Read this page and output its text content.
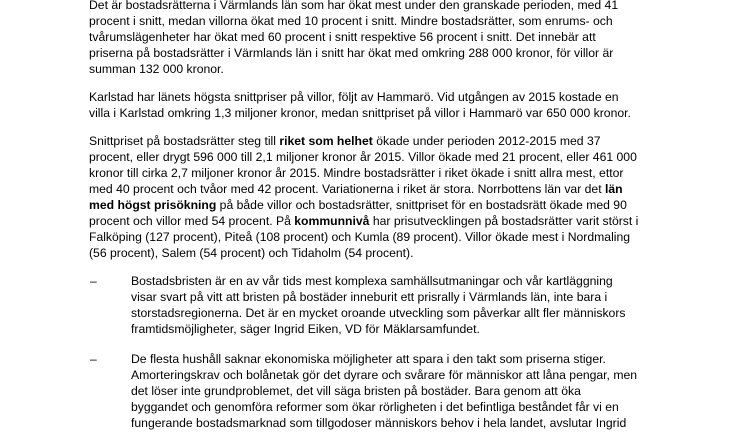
Det är bostadsrätterna i Värmlands län som har ökat mest under den granskade perioden, med 41
procent i snitt, medan villorna ökat med 10 procent i snitt. Mindre bostadsrätter, som enrums- och
tvårumslägenheter har ökat med 60 procent i snitt respektive 56 procent i snitt. Det innebär att
priserna på bostadsrätter i Värmlands län i snitt har ökat med omkring 288 000 kronor, för villor är
summan 132 000 kronor.

Karlstad har länets högsta snittpriser på villor, följt av Hammarö. Vid utgången av 2015 kostade en
villa i Karlstad omkring 1,3 miljoner kronor, medan snittpriset på villor i Hammarö var 650 000 kronor.

Snittpriset på bostadsrätter steg till riket som helhet ökade under perioden 2012-2015 med 37
procent, eller drygt 596 000 till 2,1 miljoner kronor år 2015. Villor ökade med 21 procent, eller 461 000
kronor till cirka 2,7 miljoner kronor år 2015. Mindre bostadsrätter i riket ökade i snitt allra mest, ettor
med 40 procent och tvåor med 42 procent. Variationerna i riket är stora. Norrbottens län var det län
med högst prisökning på både villor och bostadsrätter, snittpriset för en bostadsrätt ökade med 90
procent och villor med 54 procent. På kommunnivå har prisutvecklingen på bostadsrätter varit störst i
Falköping (127 procent), Piteå (108 procent) och Kumla (89 procent). Villor ökade mest i Nordmaling
(56 procent), Salem (54 procent) och Tidaholm (54 procent).

–	Bostadsbristen är en av vår tids mest komplexa samhällsutmaningar och vår kartläggning
visar svart på vitt att bristen på bostäder inneburit ett prisrally i Värmlands län, inte bara i
storstadsregionerna. Det är en mycket oroande utveckling som påverkar allt fler människors
framtidsmöjligheter, säger Ingrid Eiken, VD för Mäklarsamfundet.
–	De flesta hushåll saknar ekonomiska möjligheter att spara i den takt som priserna stiger.
Amorteringskrav och bolånetak gör det dyrare och svårare för människor att låna pengar, men
det löser inte grundproblemet, det vill säga bristen på bostäder. Bara genom att öka
byggandet och genomföra reformer som ökar rörligheten i det befintliga beståndet får vi en
fungerande bostadsmarknad som tillgodoser människors behov i hela landet, avslutar Ingrid
